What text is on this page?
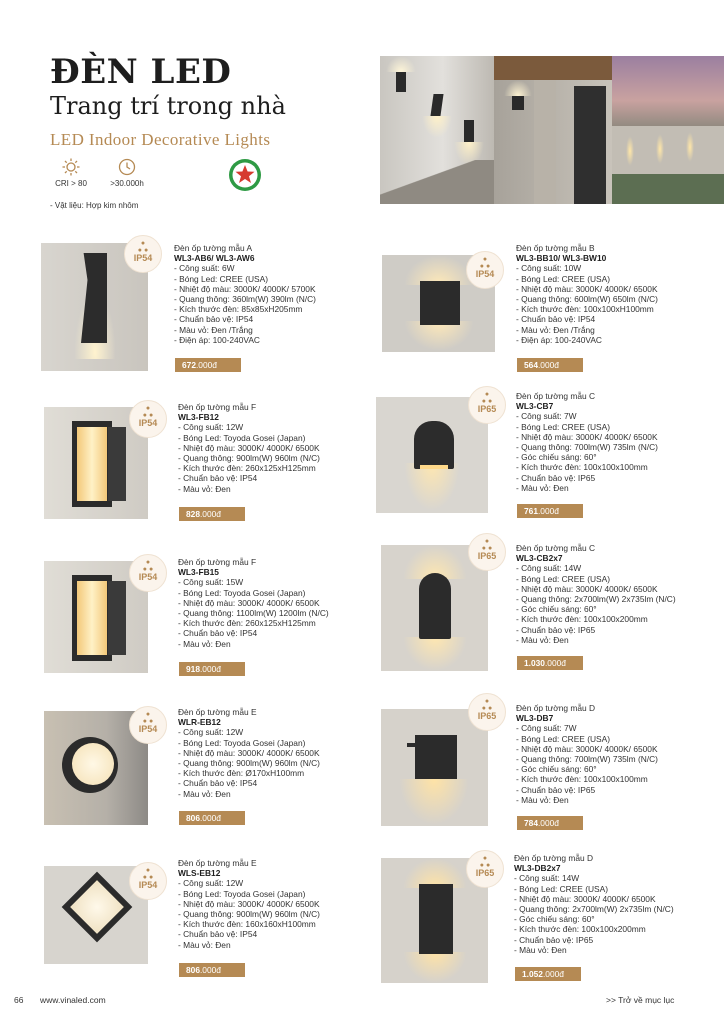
ĐÈN LED
Trang trí trong nhà
LED Indoor Decorative Lights
CRI > 80	>30.000h
- Vật liệu: Hợp kim nhôm
●
● ●
IP54
Đèn ốp tường mẫu A
WL3-AB6/ WL3-AW6
- Công suất: 6W
- Bóng Led: CREE (USA)
- Nhiệt độ màu: 3000K/ 4000K/ 5700K
- Quang thông: 360lm(W) 390lm (N/C)
- Kích thước đèn: 85x85xH205mm
- Chuẩn bảo vệ: IP54
- Màu vỏ: Đen /Trắng
- Điện áp: 100-240VAC
672.000đ
●
● ●
IP54
Đèn ốp tường mẫu B
WL3-BB10/ WL3-BW10
- Công suất: 10W
- Bóng Led: CREE (USA)
- Nhiệt độ màu: 3000K/ 4000K/ 6500K
- Quang thông: 600lm(W) 650lm (N/C)
- Kích thước đèn: 100x100xH100mm
- Chuẩn bảo vệ: IP54
- Màu vỏ: Đen /Trắng
- Điện áp: 100-240VAC
564.000đ
●
● ●
IP54
Đèn ốp tường mẫu F
WL3-FB12
- Công suất: 12W
- Bóng Led: Toyoda Gosei (Japan)
- Nhiệt độ màu: 3000K/ 4000K/ 6500K
- Quang thông: 900lm(W) 960lm (N/C)
- Kích thước đèn: 260x125xH125mm
- Chuẩn bảo vệ: IP54
- Màu vỏ: Đen
828.000đ
●
● ●
IP65
Đèn ốp tường mẫu C
WL3-CB7
- Công suất: 7W
- Bóng Led: CREE (USA)
- Nhiệt độ màu: 3000K/ 4000K/ 6500K
- Quang thông: 700lm(W) 735lm (N/C)
- Góc chiếu sáng: 60°
- Kích thước đèn: 100x100x100mm
- Chuẩn bảo vệ: IP65
- Màu vỏ: Đen
761.000đ
●
● ●
IP54
Đèn ốp tường mẫu F
WL3-FB15
- Công suất: 15W
- Bóng Led: Toyoda Gosei (Japan)
- Nhiệt độ màu: 3000K/ 4000K/ 6500K
- Quang thông: 1100lm(W) 1200lm (N/C)
- Kích thước đèn: 260x125xH125mm
- Chuẩn bảo vệ: IP54
- Màu vỏ: Đen
918.000đ
●
● ●
IP65
Đèn ốp tường mẫu C
WL3-CB2x7
- Công suất: 14W
- Bóng Led: CREE (USA)
- Nhiệt độ màu: 3000K/ 4000K/ 6500K
- Quang thông: 2x700lm(W) 2x735lm (N/C)
- Góc chiếu sáng: 60°
- Kích thước đèn: 100x100x200mm
- Chuẩn bảo vệ: IP65
- Màu vỏ: Đen
1.030.000đ
●
● ●
IP54
Đèn ốp tường mẫu E
WLR-EB12
- Công suất: 12W
- Bóng Led: Toyoda Gosei (Japan)
- Nhiệt độ màu: 3000K/ 4000K/ 6500K
- Quang thông: 900lm(W) 960lm (N/C)
- Kích thước đèn: Ø170xH100mm
- Chuẩn bảo vệ: IP54
- Màu vỏ: Đen
806.000đ
●
● ●
IP65
Đèn ốp tường mẫu D
WL3-DB7
- Công suất: 7W
- Bóng Led: CREE (USA)
- Nhiệt độ màu: 3000K/ 4000K/ 6500K
- Quang thông: 700lm(W) 735lm (N/C)
- Góc chiếu sáng: 60°
- Kích thước đèn: 100x100x100mm
- Chuẩn bảo vệ: IP65
- Màu vỏ: Đen
784.000đ
●
● ●
IP54
Đèn ốp tường mẫu E
WLS-EB12
- Công suất: 12W
- Bóng Led: Toyoda Gosei (Japan)
- Nhiệt độ màu: 3000K/ 4000K/ 6500K
- Quang thông: 900lm(W) 960lm (N/C)
- Kích thước đèn: 160x160xH100mm
- Chuẩn bảo vệ: IP54
- Màu vỏ: Đen
806.000đ
●
● ●
IP65
Đèn ốp tường mẫu D
WL3-DB2x7
- Công suất: 14W
- Bóng Led: CREE (USA)
- Nhiệt độ màu: 3000K/ 4000K/ 6500K
- Quang thông: 2x700lm(W) 2x735lm (N/C)
- Góc chiếu sáng: 60°
- Kích thước đèn: 100x100x200mm
- Chuẩn bảo vệ: IP65
- Màu vỏ: Đen
1.052.000đ
66 www.vinaled.com	>> Trở về mục lục
